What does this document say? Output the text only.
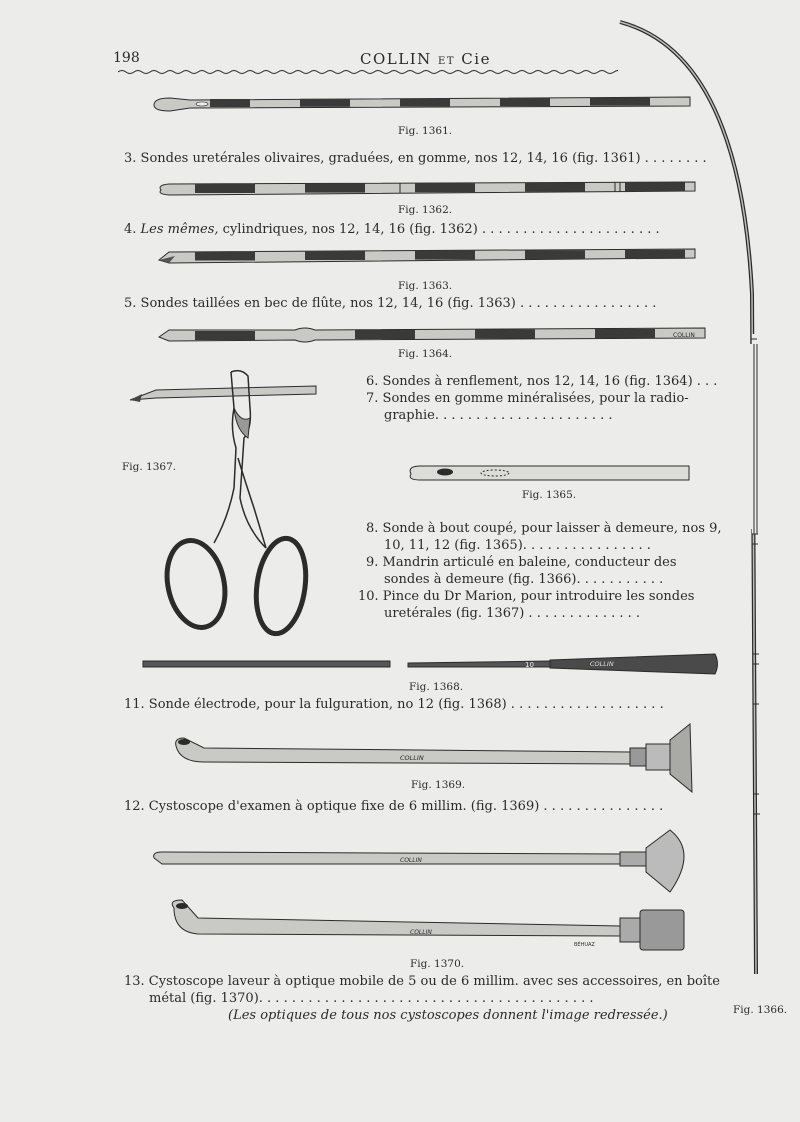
198	COLLIN ET Cie
Fig. 1361.
3. Sondes uretérales olivaires, graduées, en gomme, nos 12, 14, 16 (fig. 1361) . . . . . . . .
Fig. 1362.
4. Les mêmes, cylindriques, nos 12, 14, 16 (fig. 1362) . . . . . . . . . . . . . . . . . . . . . .
Fig. 1363.
5. Sondes taillées en bec de flûte, nos 12, 14, 16 (fig. 1363) . . . . . . . . . . . . . . . . .
COLLIN
Fig. 1364.
Fig. 1367.
6. Sondes à renflement, nos 12, 14, 16 (fig. 1364) . . .
7. Sondes en gomme minéralisées, pour la radio-
graphie. . . . . . . . . . . . . . . . . . . . . .
Fig. 1365.
8. Sonde à bout coupé, pour laisser à demeure, nos 9,
10, 11, 12 (fig. 1365). . . . . . . . . . . . . . . .
9. Mandrin articulé en baleine, conducteur des
sondes à demeure (fig. 1366). . . . . . . . . . .
10. Pince du Dr Marion, pour introduire les sondes
uretérales (fig. 1367) . . . . . . . . . . . . . .
Fig. 1366.
10	COLLIN
Fig. 1368.
11. Sonde électrode, pour la fulguration, no 12 (fig. 1368) . . . . . . . . . . . . . . . . . . .
COLLIN
Fig. 1369.
12. Cystoscope d'examen à optique fixe de 6 millim. (fig. 1369) . . . . . . . . . . . . . . .
COLLIN
COLLIN
BÉHUAZ
Fig. 1370.
13. Cystoscope laveur à optique mobile de 5 ou de 6 millim. avec ses accessoires, en boîte
métal (fig. 1370). . . . . . . . . . . . . . . . . . . . . . . . . . . . . . . . . . . . . . . . .
(Les optiques de tous nos cystoscopes donnent l'image redressée.)
